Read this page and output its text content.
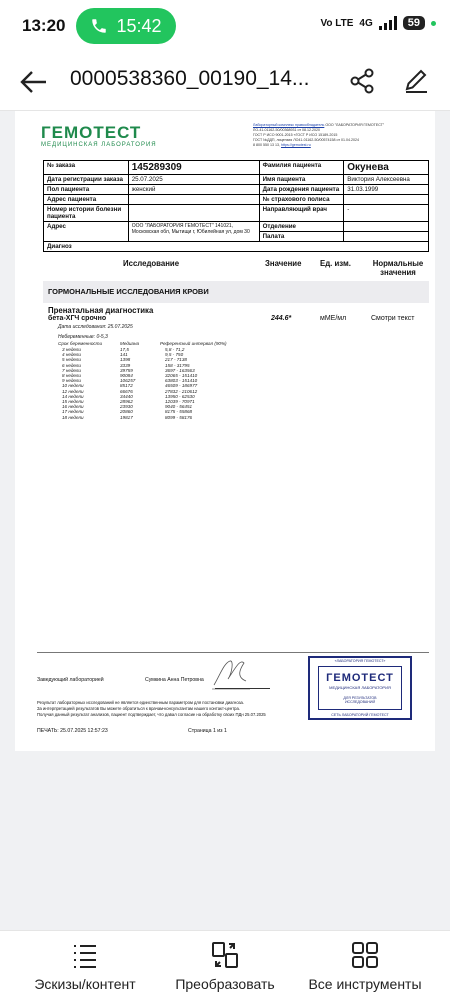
13:20	15:42	Vo LTE 4G	59
0000538360_00190_14...
ГЕМОТЕСТ
МЕДИЦИНСКАЯ ЛАБОРАТОРИЯ
Лабораторный комплекс правообладатель ООО "ЛАБОРАТОРИЯ ГЕМОТЕСТ"
ЛО-41-01162-50/00368931 от 08.12.2020
ГОСТ Р ИСО 9001-2015 «ГОСТ Р ИСО 15189-2015
ГОСТ №ДДП, лицензия ЛО41-01162-50/00574158 от 01.04.2024
8 800 550 13 13, https://gemotest.ru
№ заказа	145289309	Фамилия пациента	Окунева
Дата регистрации заказа	25.07.2025	Имя пациента	Виктория Алексеевна
Пол пациента	женский	Дата рождения пациента	31.03.1999
Адрес пациента		№ страхового полиса	
Номер истории болезни пациента		Направляющий врач	-
Адрес	ООО "ЛАБОРАТОРИЯ ГЕМОТЕСТ" 141021, Московская обл, Мытищи г, Юбилейная ул, дом 30	Отделение	
		Палата	
Диагноз			
Исследование	Значение Ед. изм.	Нормальные значения
ГОРМОНАЛЬНЫЕ ИССЛЕДОВАНИЯ КРОВИ
Пренатальная диагностика
бета-ХГЧ срочно	244.6*	мМЕ/мл	Смотри текст
Дата исследования: 25.07.2025
Небеременные: 0-5,3
Срок беременности	Медиана	Референсный интервал (90%)
3 недели	17,5	5,8 - 71,2
4 недели	141	9,5 - 750
5 недели	1398	217 - 7138
6 недели	3339	158 - 31795
7 недели	39759	3697 - 163563
8 недели	90084	32065 - 151410
9 недели	106257	63803 - 151410
10 недели	85172	46509 - 186977
12 недели	66676	27832 - 210612
14 недели	34440	13950 - 62530
15 недели	28962	12039 - 70971
16 недели	23930	9040 - 56451
17 недели	20860	8175 - 55868
18 недели	19817	8099 - 58176
Заведующий лабораторией	Сумкина Анна Петровна
«ЛАБОРАТОРИЯ ГЕМОТЕСТ»
ГЕМОТЕСТ
МЕДИЦИНСКАЯ ЛАБОРАТОРИЯ
ДЛЯ РЕЗУЛЬТАТОВ
ИССЛЕДОВАНИЙ
СЕТЬ ЛАБОРАТОРИЙ ГЕМОТЕСТ
Результат лабораторных исследований не является единственным параметром для постановки диагноза.
За интерпретацией результатов Вы можете обратиться к врачам-консультантам нашего контакт-центра.
Получая данный результат анализов, пациент подтверждает, что давал согласие на обработку своих ПДн 25.07.2025
ПЕЧАТЬ: 25.07.2025 12:57:23	Страница 1 из 1
Эскизы/контент	Преобразовать	Все инструменты
